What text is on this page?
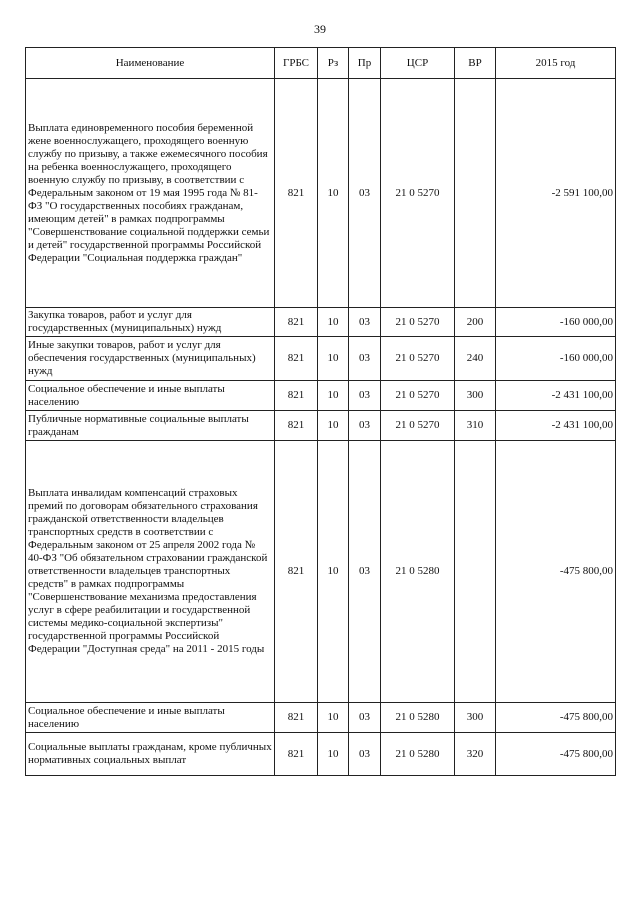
39
Наименование	ГРБС	Рз	Пр	ЦСР	ВР	2015 год
Выплата единовременного пособия беременной жене военнослужащего, проходящего военную службу по призыву, а также ежемесячного пособия на ребенка военнослужащего, проходящего военную службу по призыву, в соответствии с Федеральным законом от 19 мая 1995 года № 81-ФЗ "О государственных пособиях гражданам, имеющим детей" в рамках подпрограммы "Совершенствование социальной поддержки семьи и детей" государственной программы Российской Федерации "Социальная поддержка граждан"	821	10	03	21 0 5270		-2 591 100,00
Закупка товаров, работ и услуг для государственных (муниципальных) нужд	821	10	03	21 0 5270	200	-160 000,00
Иные закупки товаров, работ и услуг для обеспечения государственных (муниципальных) нужд	821	10	03	21 0 5270	240	-160 000,00
Социальное обеспечение и иные выплаты населению	821	10	03	21 0 5270	300	-2 431 100,00
Публичные нормативные социальные выплаты гражданам	821	10	03	21 0 5270	310	-2 431 100,00
Выплата инвалидам компенсаций страховых премий по договорам обязательного страхования гражданской ответственности владельцев транспортных средств в соответствии с Федеральным законом от 25 апреля 2002 года № 40-ФЗ "Об обязательном страховании гражданской ответственности владельцев транспортных средств" в рамках подпрограммы "Совершенствование механизма предоставления услуг в сфере реабилитации и государственной системы медико-социальной экспертизы" государственной программы Российской Федерации "Доступная среда" на 2011 - 2015 годы	821	10	03	21 0 5280		-475 800,00
Социальное обеспечение и иные выплаты населению	821	10	03	21 0 5280	300	-475 800,00
Социальные выплаты гражданам, кроме публичных нормативных социальных выплат	821	10	03	21 0 5280	320	-475 800,00
